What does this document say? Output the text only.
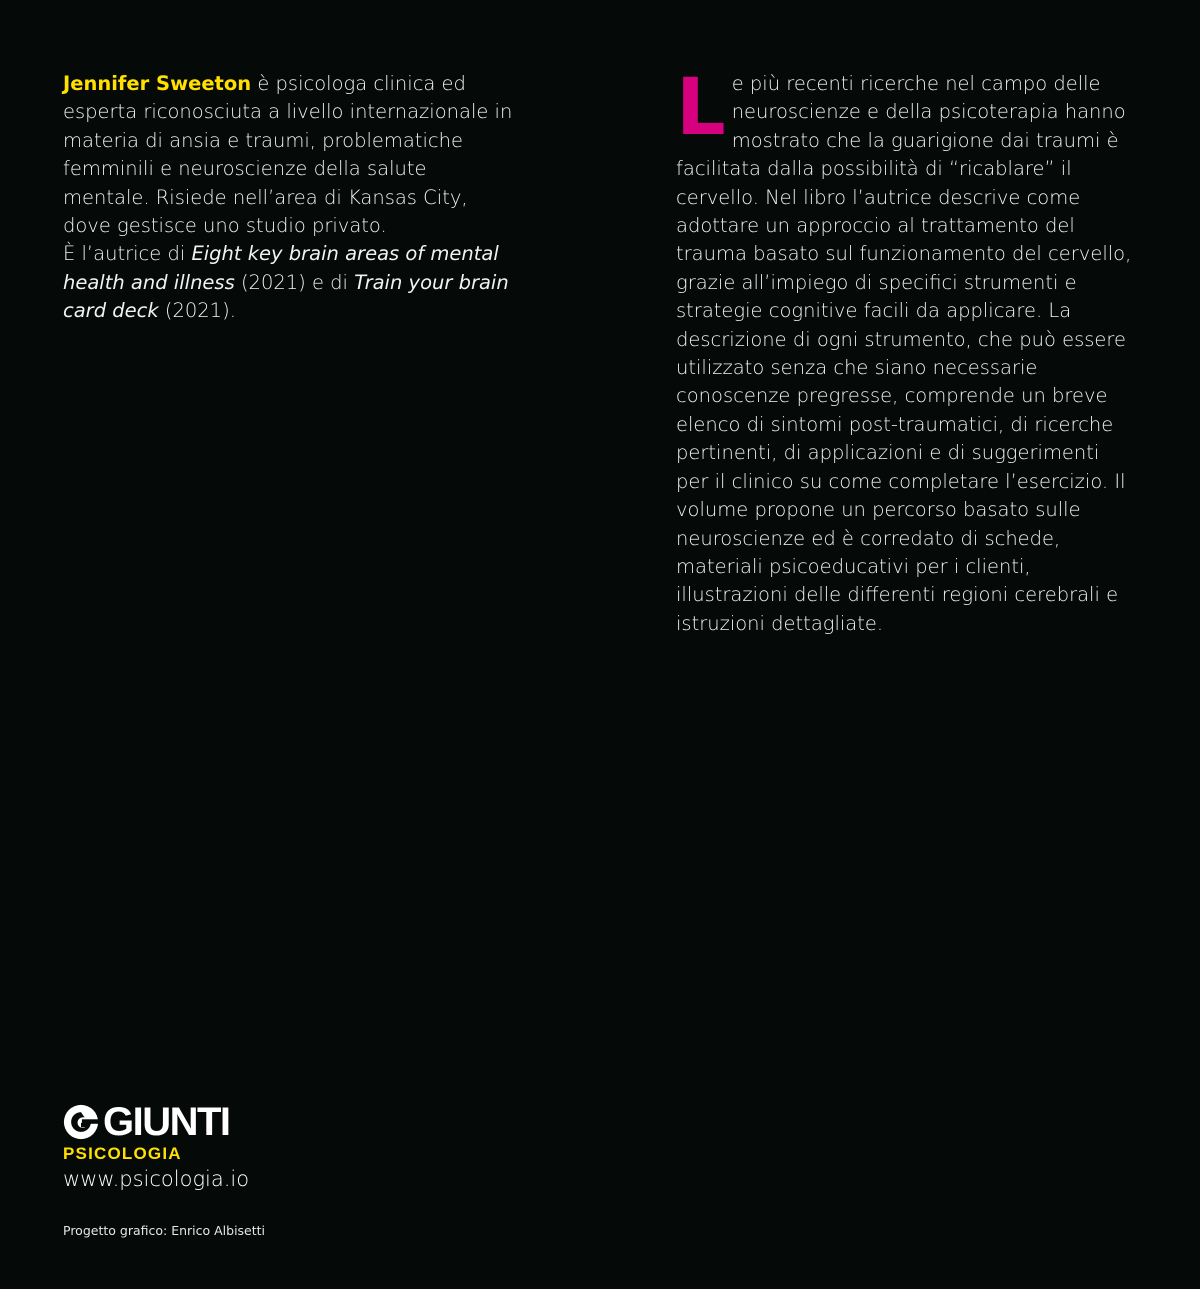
Jennifer Sweeton è psicologa clinica ed esperta riconosciuta a livello internazionale in materia di ansia e traumi, problematiche femminili e neuroscienze della salute mentale. Risiede nell’area di Kansas City, dove gestisce uno studio privato.

È l’autrice di Eight key brain areas of mental health and illness (2021) e di Train your brain card deck (2021).

Le più recenti ricerche nel campo delle neuroscienze e della psicoterapia hanno mostrato che la guarigione dai traumi è facilitata dalla possibilità di “ricablare” il cervello. Nel libro l’autrice descrive come adottare un approccio al trattamento del trauma basato sul funzionamento del cervello, grazie all’impiego di specifici strumenti e strategie cognitive facili da applicare. La descrizione di ogni strumento, che può essere utilizzato senza che siano necessarie conoscenze pregresse, comprende un breve elenco di sintomi post-traumatici, di ricerche pertinenti, di applicazioni e di suggerimenti per il clinico su come completare l’esercizio. Il volume propone un percorso basato sulle neuroscienze ed è corredato di schede, materiali psicoeducativi per i clienti, illustrazioni delle differenti regioni cerebrali e istruzioni dettagliate.

GIUNTI
PSICOLOGIA
www.psicologia.io
Progetto grafico: Enrico Albisetti
